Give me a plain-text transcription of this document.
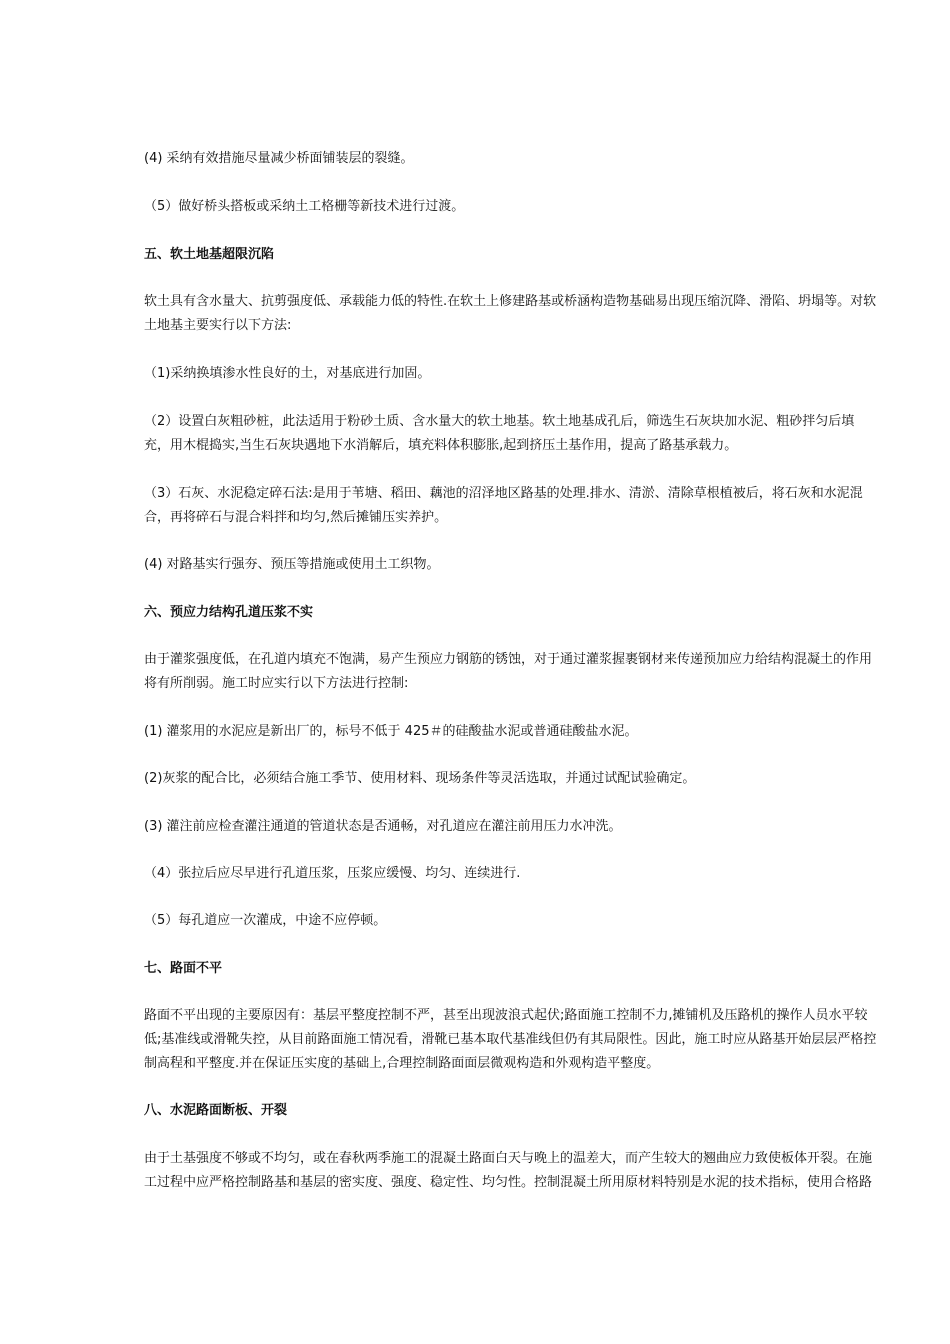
(4) 采纳有效措施尽量减少桥面铺装层的裂缝。

（5）做好桥头搭板或采纳土工格栅等新技术进行过渡。

五、软土地基超限沉陷

软土具有含水量大、抗剪强度低、承载能力低的特性.在软土上修建路基或桥涵构造物基础易出现压缩沉降、滑陷、坍塌等。对软
土地基主要实行以下方法:

（1)采纳换填渗水性良好的土，对基底进行加固。

（2）设置白灰粗砂桩，此法适用于粉砂土质、含水量大的软土地基。软土地基成孔后，筛选生石灰块加水泥、粗砂拌匀后填
充，用木棍捣实,当生石灰块遇地下水消解后，填充料体积膨胀,起到挤压土基作用，提高了路基承载力。

（3）石灰、水泥稳定碎石法:是用于苇塘、稻田、藕池的沼泽地区路基的处理.排水、清淤、清除草根植被后，将石灰和水泥混
合，再将碎石与混合料拌和均匀,然后摊铺压实养护。

(4) 对路基实行强夯、预压等措施或使用土工织物。

六、预应力结构孔道压浆不实

由于灌浆强度低，在孔道内填充不饱满，易产生预应力钢筋的锈蚀，对于通过灌浆握裹钢材来传递预加应力给结构混凝土的作用
将有所削弱。施工时应实行以下方法进行控制:

(1) 灌浆用的水泥应是新出厂的，标号不低于 425＃的硅酸盐水泥或普通硅酸盐水泥。

(2)灰浆的配合比，必须结合施工季节、使用材料、现场条件等灵活选取，并通过试配试验确定。

(3) 灌注前应检查灌注通道的管道状态是否通畅，对孔道应在灌注前用压力水冲洗。

（4）张拉后应尽早进行孔道压浆，压浆应缓慢、均匀、连续进行.

（5）每孔道应一次灌成，中途不应停顿。

七、路面不平

路面不平出现的主要原因有：基层平整度控制不严，甚至出现波浪式起伏;路面施工控制不力,摊铺机及压路机的操作人员水平较
低;基准线或滑靴失控，从目前路面施工情况看，滑靴已基本取代基准线但仍有其局限性。因此，施工时应从路基开始层层严格控
制高程和平整度.并在保证压实度的基础上,合理控制路面面层微观构造和外观构造平整度。

八、水泥路面断板、开裂

由于土基强度不够或不均匀，或在春秋两季施工的混凝土路面白天与晚上的温差大，而产生较大的翘曲应力致使板体开裂。在施
工过程中应严格控制路基和基层的密实度、强度、稳定性、均匀性。控制混凝土所用原材料特别是水泥的技术指标，使用合格路
